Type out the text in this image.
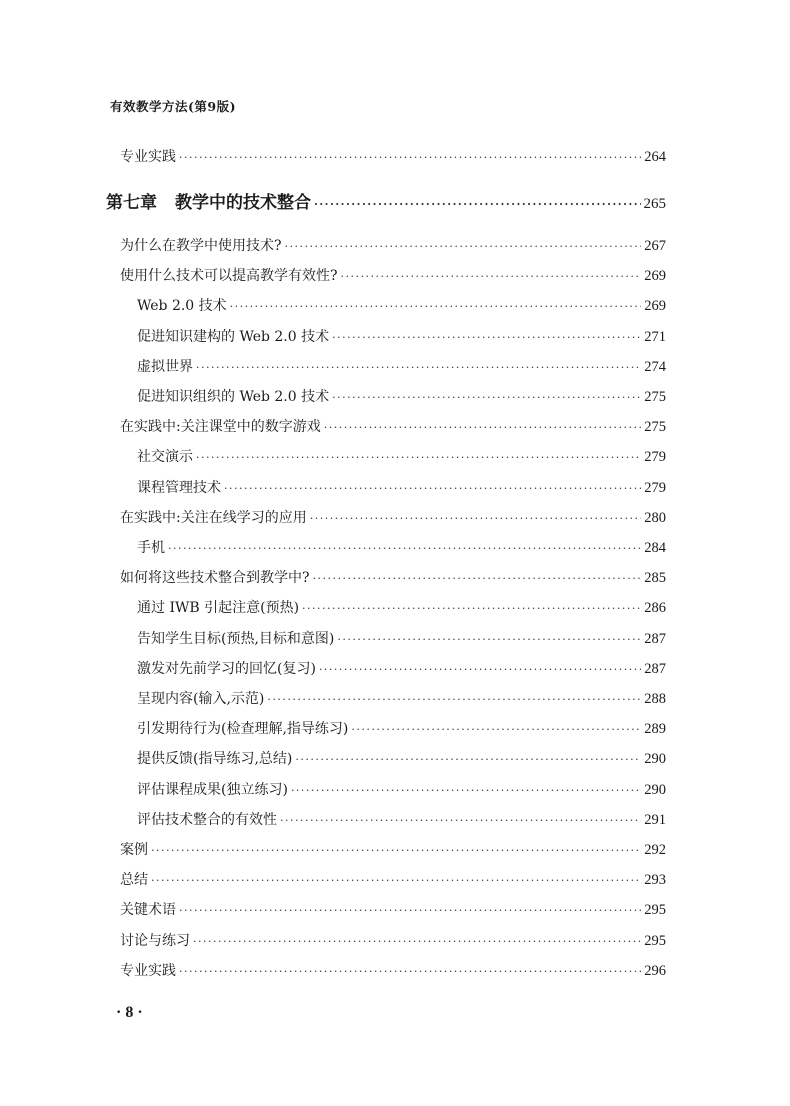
有效教学方法(第9版)
专业实践 ·····	264
第七章 教学中的技术整合 ·····	265
为什么在教学中使用技术? ·····	267
使用什么技术可以提高教学有效性? ·····	269
Web 2.0 技术 ·····	269
促进知识建构的 Web 2.0 技术 ·····	271
虚拟世界 ·····	274
促进知识组织的 Web 2.0 技术 ·····	275
在实践中:关注课堂中的数字游戏 ·····	275
社交演示 ·····	279
课程管理技术 ·····	279
在实践中:关注在线学习的应用 ·····	280
手机 ·····	284
如何将这些技术整合到教学中? ·····	285
通过 IWB 引起注意(预热) ·····	286
告知学生目标(预热,目标和意图) ·····	287
激发对先前学习的回忆(复习) ·····	287
呈现内容(输入,示范) ·····	288
引发期待行为(检查理解,指导练习) ·····	289
提供反馈(指导练习,总结) ·····	290
评估课程成果(独立练习) ·····	290
评估技术整合的有效性 ·····	291
案例 ·····	292
总结 ·····	293
关键术语 ·····	295
讨论与练习 ·····	295
专业实践 ·····	296
· 8 ·
